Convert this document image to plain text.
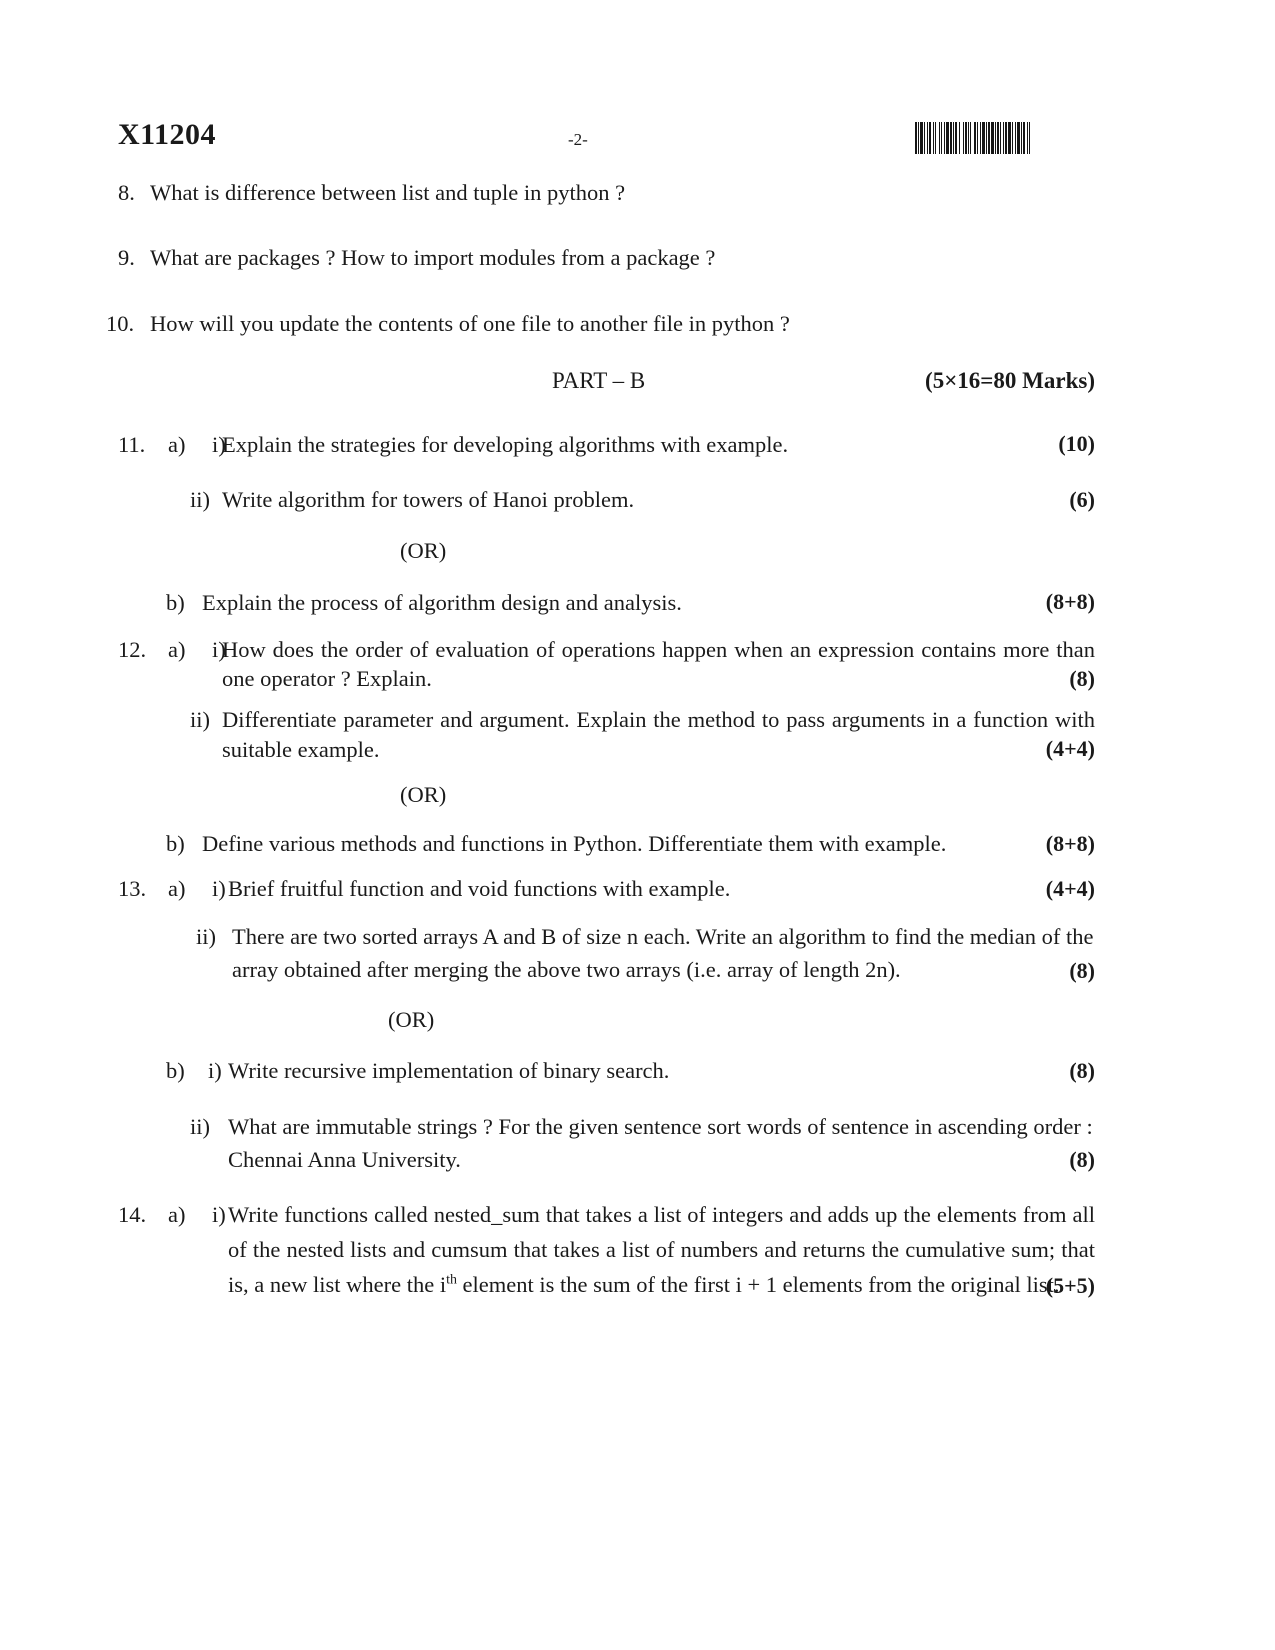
X11204	-2-
8. What is difference between list and tuple in python ?
9. What are packages ? How to import modules from a package ?
10. How will you update the contents of one file to another file in python ?
PART – B	(5×16=80 Marks)
11. a) i)
Explain the strategies for developing algorithms with example.	(10)
ii) Write algorithm for towers of Hanoi problem.	(6)
(OR)
b) Explain the process of algorithm design and analysis.	(8+8)
12. a) i)
How does the order of evaluation of operations happen when an expression contains more than one operator ? Explain.	(8)
ii) Differentiate parameter and argument. Explain the method to pass arguments in a function with suitable example.	(4+4)
(OR)
b) Define various methods and functions in Python. Differentiate them with example.	(8+8)
13. a) i) Brief fruitful function and void functions with example.	(4+4)
ii) There are two sorted arrays A and B of size n each. Write an algorithm to find the median of the array obtained after merging the above two arrays (i.e. array of length 2n).	(8)
(OR)
b) i) Write recursive implementation of binary search.	(8)
ii) What are immutable strings ? For the given sentence sort words of sentence in ascending order : Chennai Anna University.	(8)
14. a) i) Write functions called nested_sum that takes a list of integers and adds up the elements from all of the nested lists and cumsum that takes a list of numbers and returns the cumulative sum; that is, a new list where the $i^{th}$ element is the sum of the first i + 1 elements from the original list.
(5+5)
